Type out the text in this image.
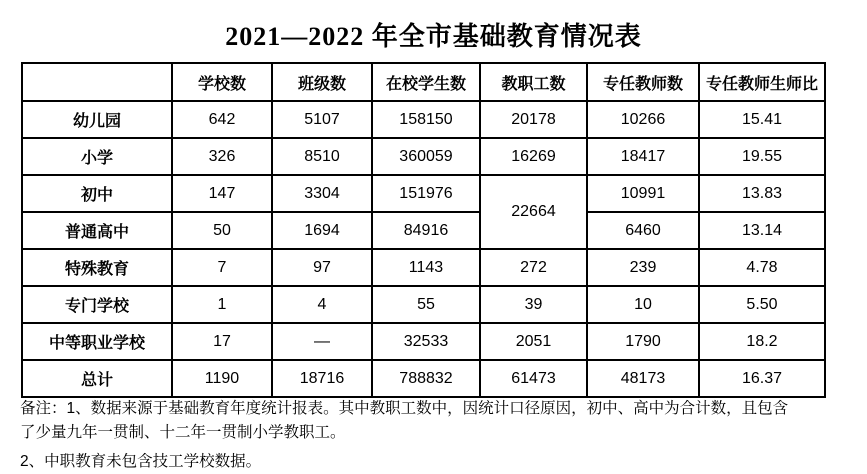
2021—2022 年全市基础教育情况表
	学校数	班级数	在校学生数	教职工数	专任教师数	专任教师生师比
幼儿园	642	5107	158150	20178	10266	15.41
小学	326	8510	360059	16269	18417	19.55
初中	147	3304	151976	22664	10991	13.83
普通高中	50	1694	84916		6460	13.14
特殊教育	7	97	1143	272	239	4.78
专门学校	1	4	55	39	10	5.50
中等职业学校	17	—	32533	2051	1790	18.2
总计	1190	18716	788832	61473	48173	16.37
备注：1、数据来源于基础教育年度统计报表。其中教职工数中，因统计口径原因，初中、高中为合计数，且包含
了少量九年一贯制、十二年一贯制小学教职工。
2、中职教育未包含技工学校数据。
